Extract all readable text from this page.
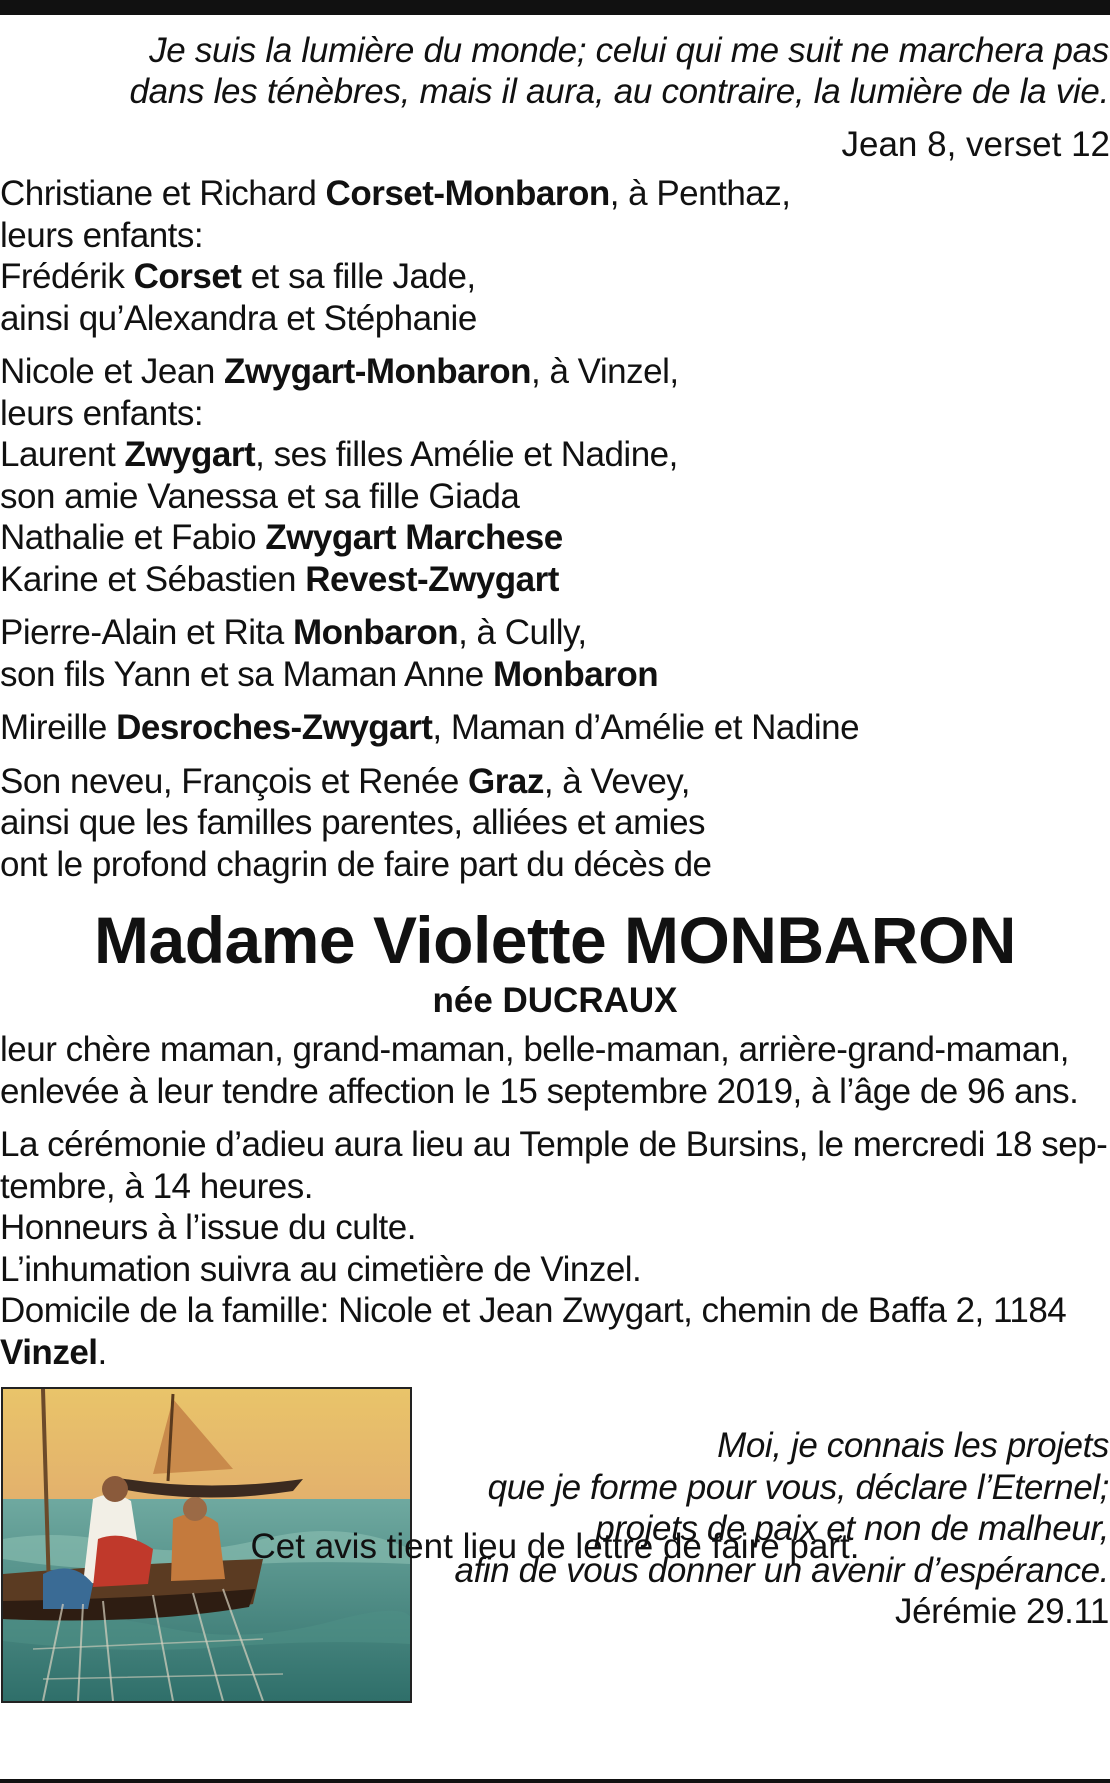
Je suis la lumière du monde; celui qui me suit ne marchera pas
dans les ténèbres, mais il aura, au contraire, la lumière de la vie.
Jean 8, verset 12
Christiane et Richard Corset-Monbaron, à Penthaz,
leurs enfants:
Frédérik Corset et sa fille Jade,
ainsi qu’Alexandra et Stéphanie
Nicole et Jean Zwygart-Monbaron, à Vinzel,
leurs enfants:
Laurent Zwygart, ses filles Amélie et Nadine,
son amie Vanessa et sa fille Giada
Nathalie et Fabio Zwygart Marchese
Karine et Sébastien Revest-Zwygart
Pierre-Alain et Rita Monbaron, à Cully,
son fils Yann et sa Maman Anne Monbaron
Mireille Desroches-Zwygart, Maman d’Amélie et Nadine
Son neveu, François et Renée Graz, à Vevey,
ainsi que les familles parentes, alliées et amies
ont le profond chagrin de faire part du décès de
Madame Violette MONBARON
née DUCRAUX
leur chère maman, grand-maman, belle-maman, arrière-grand-maman,
enlevée à leur tendre affection le 15 septembre 2019, à l’âge de 96 ans.
La cérémonie d’adieu aura lieu au Temple de Bursins, le mercredi 18 sep-
tembre, à 14 heures.
Honneurs à l’issue du culte.
L’inhumation suivra au cimetière de Vinzel.
Domicile de la famille: Nicole et Jean Zwygart, chemin de Baffa 2, 1184 Vinzel.
Moi, je connais les projets
que je forme pour vous, déclare l’Eternel;
projets de paix et non de malheur,
afin de vous donner un avenir d’espérance.
Jérémie 29.11
Cet avis tient lieu de lettre de faire part.
